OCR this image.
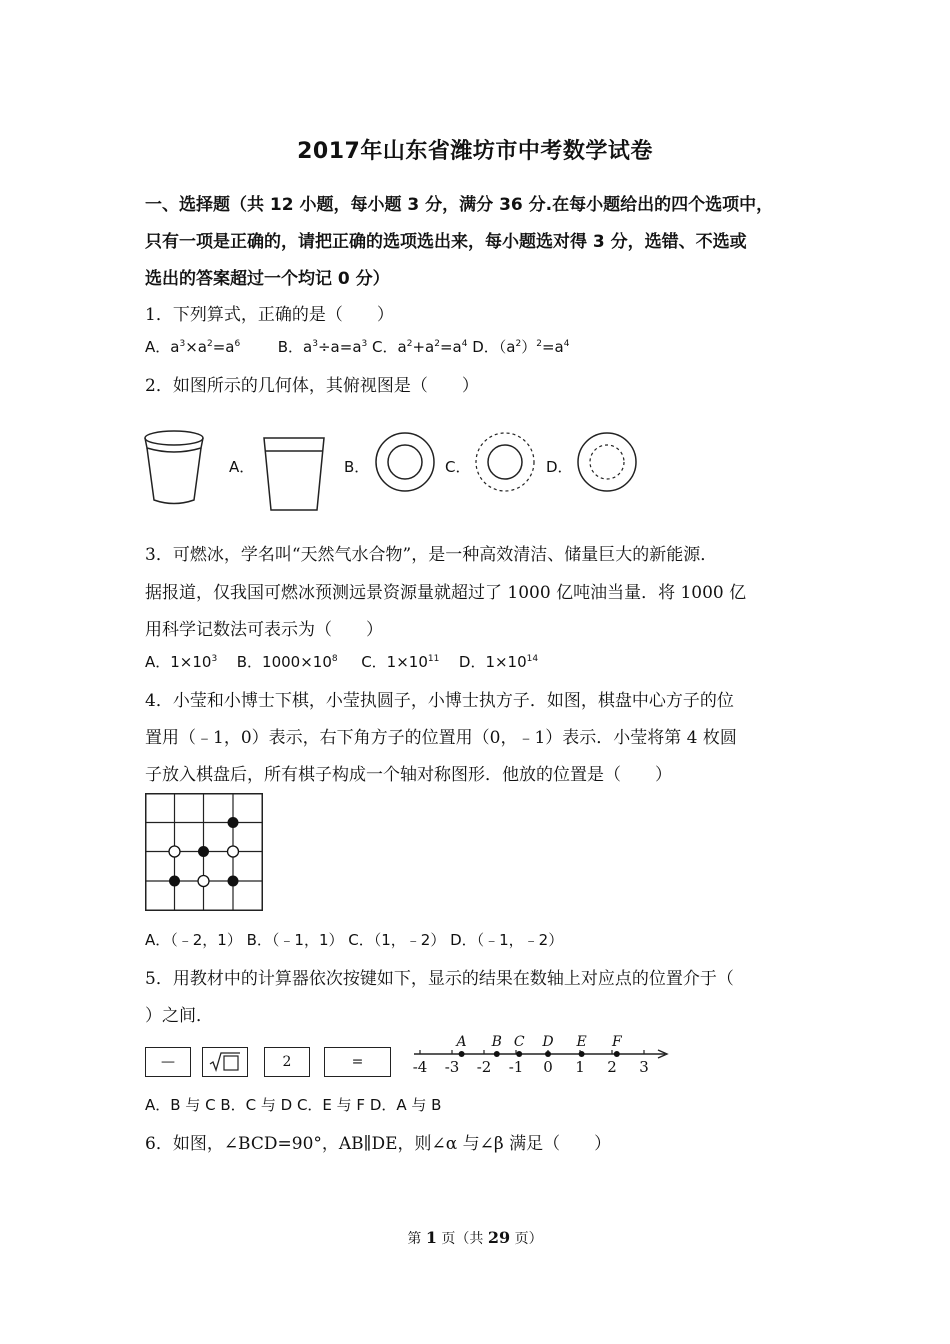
2017年山东省潍坊市中考数学试卷
一、选择题（共 12 小题，每小题 3 分，满分 36 分.在每小题给出的四个选项中，
只有一项是正确的，请把正确的选项选出来，每小题选对得 3 分，选错、不选或
选出的答案超过一个均记 0 分）
1．下列算式，正确的是（　　）
A．$a^3\times a^2=a^6$	B．$a^3\div a=a^3$ C．$a^2+a^2=a^4$ D．$(a^2)^2=a^4$
2．如图所示的几何体，其俯视图是（　　）
A．	B．	C．	D．
3．可燃冰，学名叫“天然气水合物”，是一种高效清洁、储量巨大的新能源．
据报道，仅我国可燃冰预测远景资源量就超过了 1000 亿吨油当量．将 1000 亿
用科学记数法可表示为（　　）
A．$1\times 10^3$ B．$1000\times 10^8$ C．$1\times 10^{11}$ D．$1\times 10^{14}$
4．小莹和小博士下棋，小莹执圆子，小博士执方子．如图，棋盘中心方子的位
置用（﹣1，0）表示，右下角方子的位置用（0，﹣1）表示．小莹将第 4 枚圆
子放入棋盘后，所有棋子构成一个轴对称图形．他放的位置是（　　）
A．（﹣2，1） B．（﹣1，1） C．（1，﹣2） D．（﹣1，﹣2）
5．用教材中的计算器依次按键如下，显示的结果在数轴上对应点的位置介于（
）之间．
—	2	=	-4 -3 -2 -1 0 1 2 3
A B C D E F
A．B 与 C B．C 与 D C．E 与 F D．A 与 B
6．如图，∠BCD=90°，AB∥DE，则∠α 与∠β 满足（　　）
第 1 页（共 29 页）
